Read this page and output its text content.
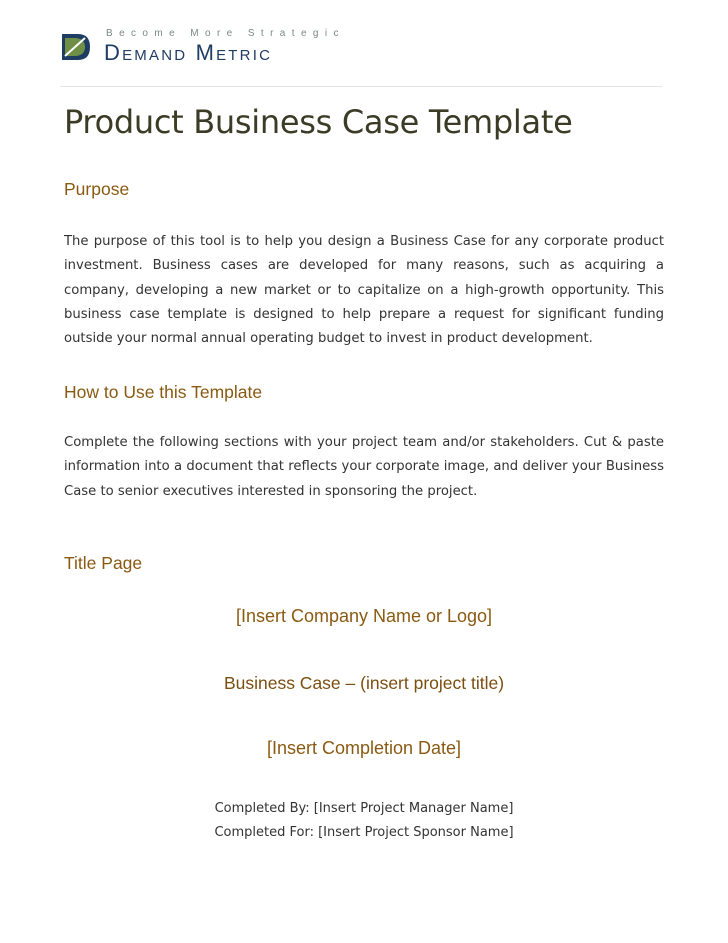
Become More Strategic
Demand Metric
Product Business Case Template
Purpose
The purpose of this tool is to help you design a Business Case for any corporate product investment. Business cases are developed for many reasons, such as acquiring a company, developing a new market or to capitalize on a high-growth opportunity. This business case template is designed to help prepare a request for significant funding outside your normal annual operating budget to invest in product development.
How to Use this Template
Complete the following sections with your project team and/or stakeholders. Cut & paste information into a document that reflects your corporate image, and deliver your Business Case to senior executives interested in sponsoring the project.
Title Page
[Insert Company Name or Logo]
Business Case – (insert project title)
[Insert Completion Date]
Completed By: [Insert Project Manager Name]
Completed For: [Insert Project Sponsor Name]
